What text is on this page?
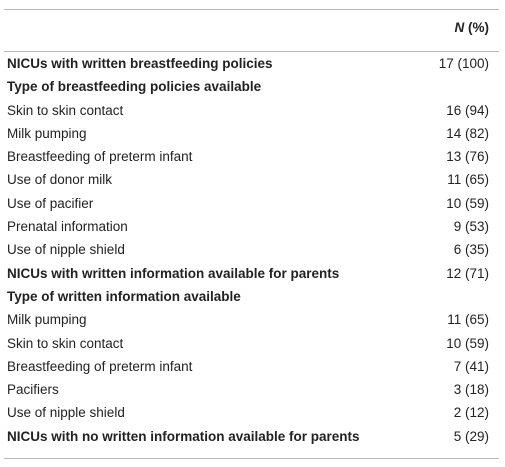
N (%)
NICUs with written breastfeeding policies	17 (100)
Type of breastfeeding policies available
Skin to skin contact	16 (94)
Milk pumping	14 (82)
Breastfeeding of preterm infant	13 (76)
Use of donor milk	11 (65)
Use of pacifier	10 (59)
Prenatal information	9 (53)
Use of nipple shield	6 (35)
NICUs with written information available for parents	12 (71)
Type of written information available
Milk pumping	11 (65)
Skin to skin contact	10 (59)
Breastfeeding of preterm infant	7 (41)
Pacifiers	3 (18)
Use of nipple shield	2 (12)
NICUs with no written information available for parents	5 (29)
